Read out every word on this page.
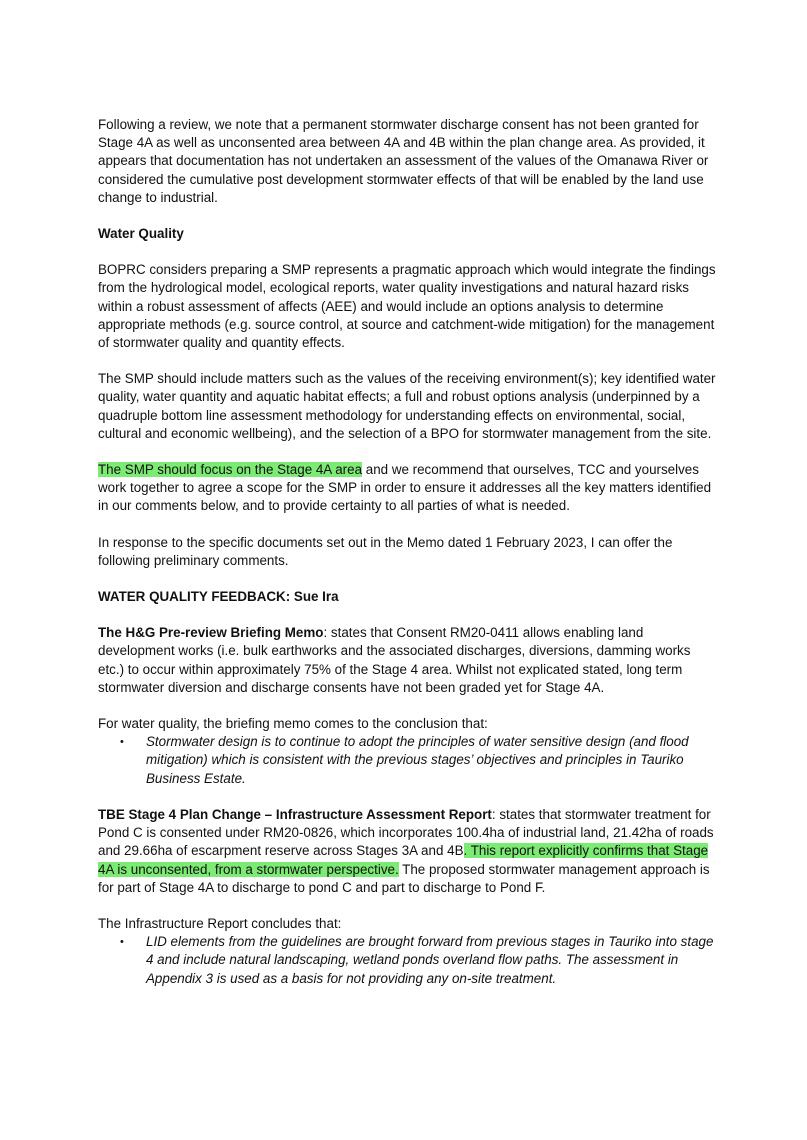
Following a review, we note that a permanent stormwater discharge consent has not been granted for Stage 4A as well as unconsented area between 4A and 4B within the plan change area. As provided, it appears that documentation has not undertaken an assessment of the values of the Omanawa River or considered the cumulative post development stormwater effects of that will be enabled by the land use change to industrial.

Water Quality

BOPRC considers preparing a SMP represents a pragmatic approach which would integrate the findings from the hydrological model, ecological reports, water quality investigations and natural hazard risks within a robust assessment of affects (AEE) and would include an options analysis to determine appropriate methods (e.g. source control, at source and catchment-wide mitigation) for the management of stormwater quality and quantity effects.

The SMP should include matters such as the values of the receiving environment(s); key identified water quality, water quantity and aquatic habitat effects; a full and robust options analysis (underpinned by a quadruple bottom line assessment methodology for understanding effects on environmental, social, cultural and economic wellbeing), and the selection of a BPO for stormwater management from the site.

The SMP should focus on the Stage 4A area and we recommend that ourselves, TCC and yourselves work together to agree a scope for the SMP in order to ensure it addresses all the key matters identified in our comments below, and to provide certainty to all parties of what is needed.

In response to the specific documents set out in the Memo dated 1 February 2023, I can offer the following preliminary comments.

WATER QUALITY FEEDBACK: Sue Ira

The H&G Pre-review Briefing Memo: states that Consent RM20-0411 allows enabling land development works (i.e. bulk earthworks and the associated discharges, diversions, damming works etc.) to occur within approximately 75% of the Stage 4 area. Whilst not explicated stated, long term stormwater diversion and discharge consents have not been graded yet for Stage 4A.

For water quality, the briefing memo comes to the conclusion that:

• Stormwater design is to continue to adopt the principles of water sensitive design (and flood mitigation) which is consistent with the previous stages’ objectives and principles in Tauriko Business Estate.

TBE Stage 4 Plan Change – Infrastructure Assessment Report: states that stormwater treatment for Pond C is consented under RM20-0826, which incorporates 100.4ha of industrial land, 21.42ha of roads and 29.66ha of escarpment reserve across Stages 3A and 4B. This report explicitly confirms that Stage 4A is unconsented, from a stormwater perspective. The proposed stormwater management approach is for part of Stage 4A to discharge to pond C and part to discharge to Pond F.

The Infrastructure Report concludes that:

• LID elements from the guidelines are brought forward from previous stages in Tauriko into stage 4 and include natural landscaping, wetland ponds overland flow paths. The assessment in Appendix 3 is used as a basis for not providing any on-site treatment.
